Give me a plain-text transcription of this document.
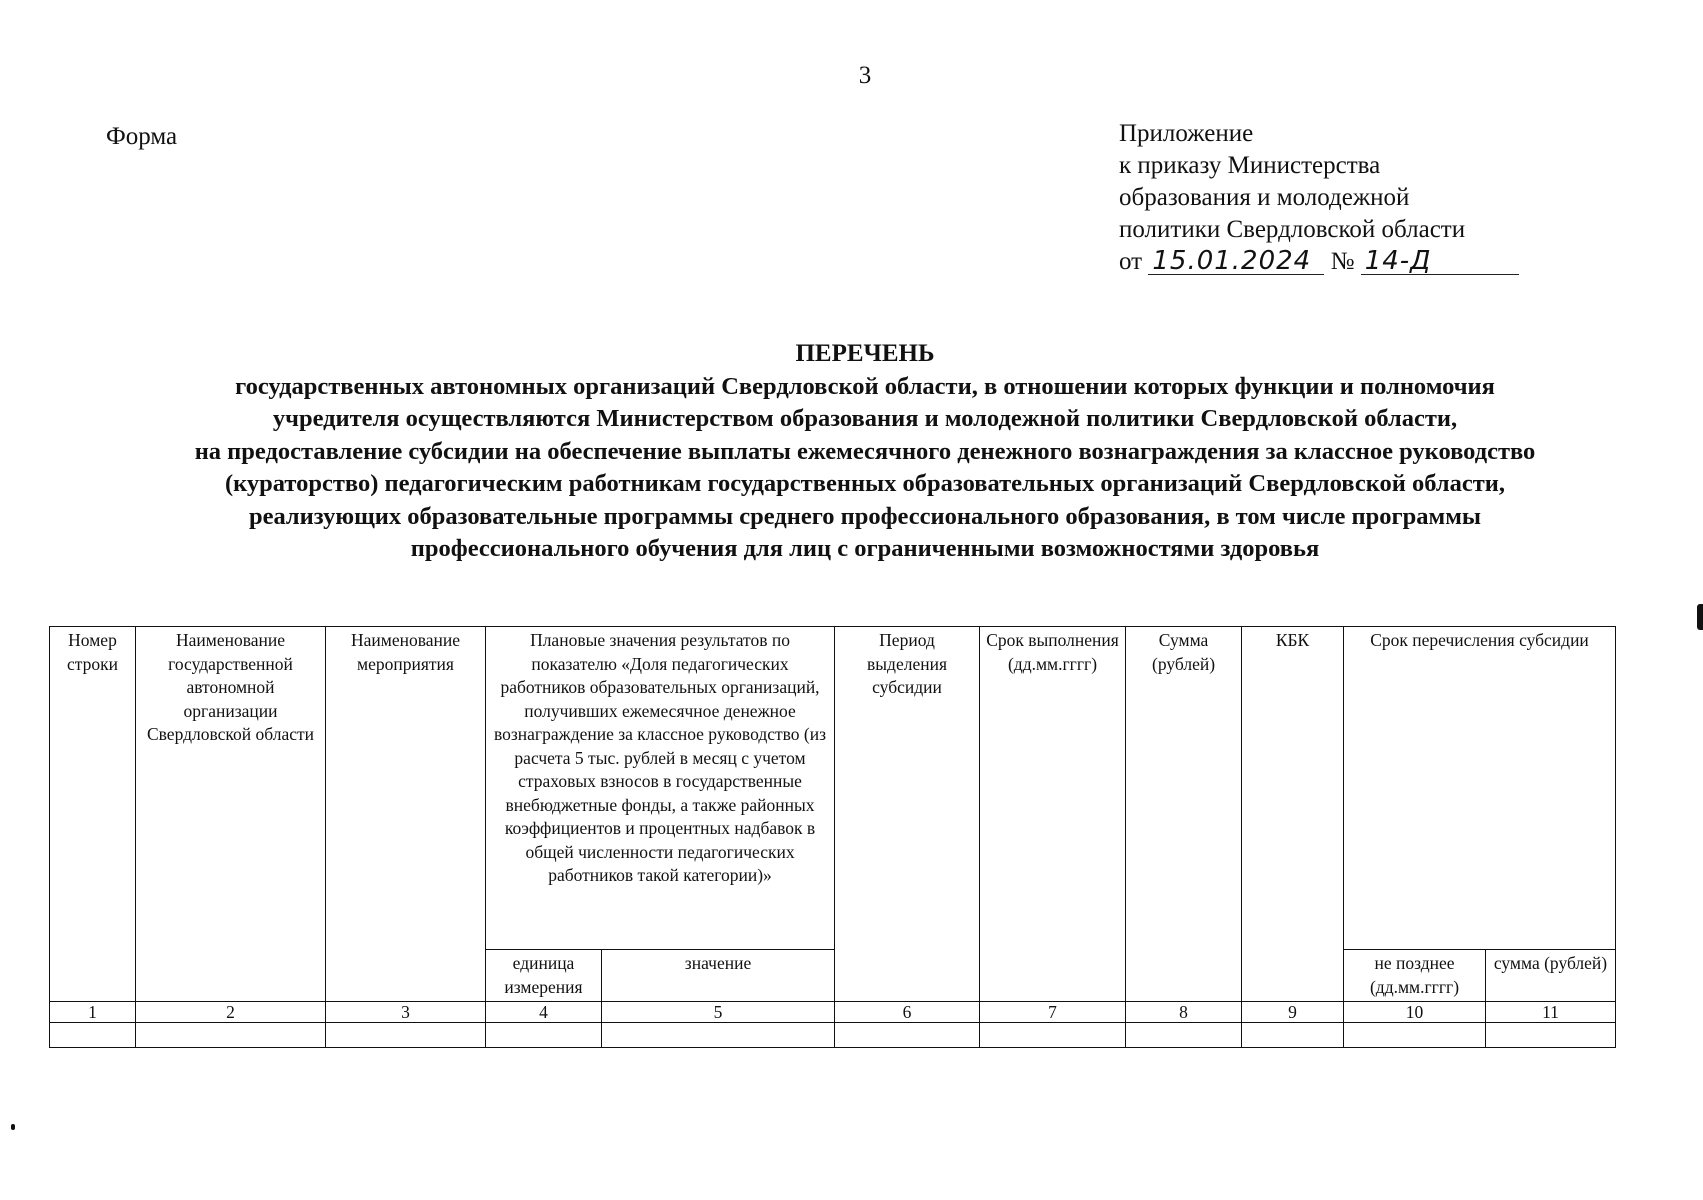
3
Форма	Приложение
к приказу Министерства
образования и молодежной
политики Свердловской области
от 15.01.2024 № 14-Д
ПЕРЕЧЕНЬ
государственных автономных организаций Свердловской области, в отношении которых функции и полномочия
учредителя осуществляются Министерством образования и молодежной политики Свердловской области,
на предоставление субсидии на обеспечение выплаты ежемесячного денежного вознаграждения за классное руководство
(кураторство) педагогическим работникам государственных образовательных организаций Свердловской области,
реализующих образовательные программы среднего профессионального образования, в том числе программы
профессионального обучения для лиц с ограниченными возможностями здоровья
Номер строки	Наименование государственной автономной организации Свердловской области	Наименование мероприятия	Плановые значения результатов по показателю «Доля педагогических работников образовательных организаций, получивших ежемесячное денежное вознаграждение за классное руководство (из расчета 5 тыс. рублей в месяц с учетом страховых взносов в государственные внебюджетные фонды, а также районных коэффициентов и процентных надбавок в общей численности педагогических работников такой категории)»		Период выделения субсидии	Срок выполнения (дд.мм.гггг)	Сумма (рублей)	КБК	Срок перечисления субсидии	
			единица измерения	значение					не позднее (дд.мм.гггг)	сумма (рублей)
1	2	3	4	5	6	7	8	9	10	11
